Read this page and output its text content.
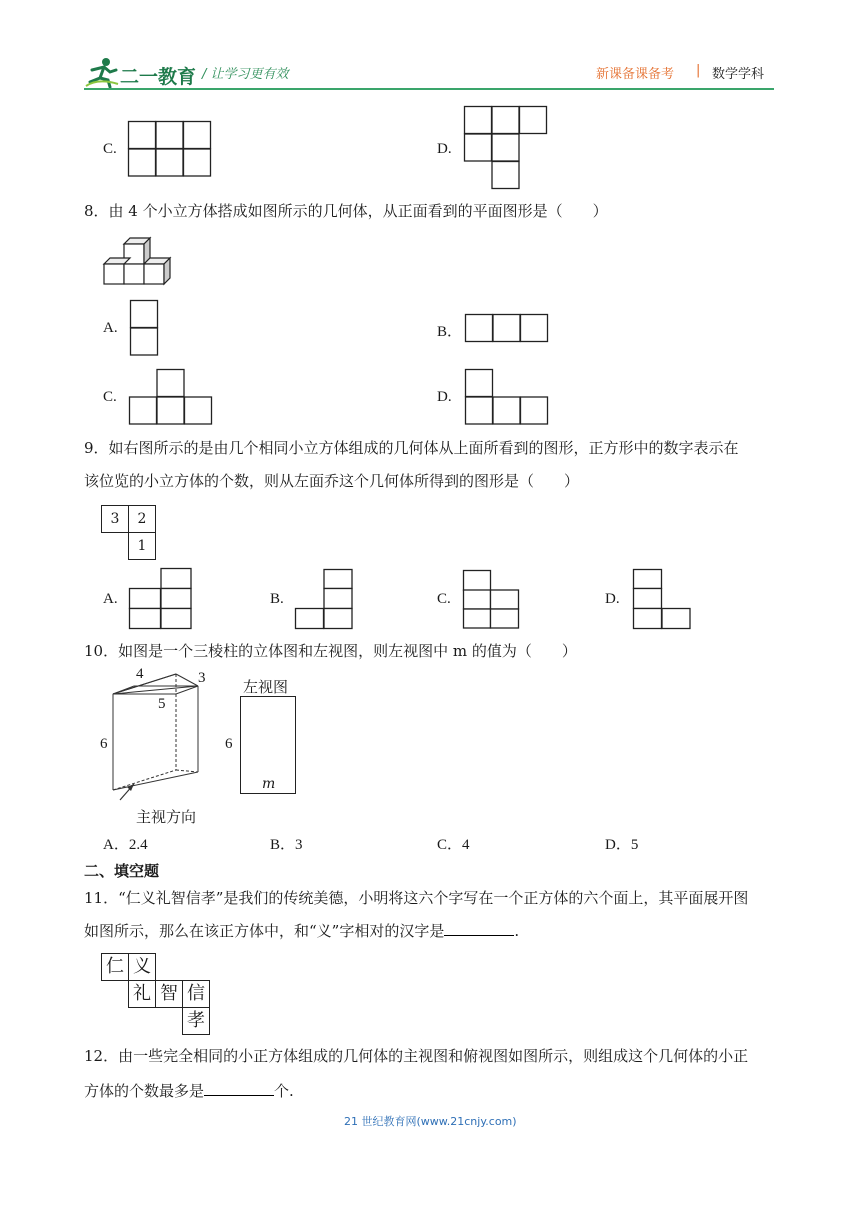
二一教育 / 让学习更有效	新课备课备考 | 数学学科
C.	D.
8．由 4 个小立方体搭成如图所示的几何体，从正面看到的平面图形是（　　）
A.	B．
C.	D.
9．如右图所示的是由几个相同小立方体组成的几何体从上面所看到的图形，正方形中的数字表示在
该位览的小立方体的个数，则从左面乔这个几何体所得到的图形是（　　）
3	2
1
A.	B.	C.	D.
10．如图是一个三棱柱的立体图和左视图，则左视图中 m 的值为（　　）
4	3
5
6
主视方向
左视图
6
m
A．2.4	B．3	C．4	D．5
二、填空题
11．“仁义礼智信孝”是我们的传统美德，小明将这六个字写在一个正方体的六个面上，其平面展开图
如图所示，那么在该正方体中，和“义”字相对的汉字是	.
仁 义
礼 智 信
孝
12．由一些完全相同的小正方体组成的几何体的主视图和俯视图如图所示，则组成这个几何体的小正
方体的个数最多是	个.
21 世纪教育网(www.21cnjy.com)
